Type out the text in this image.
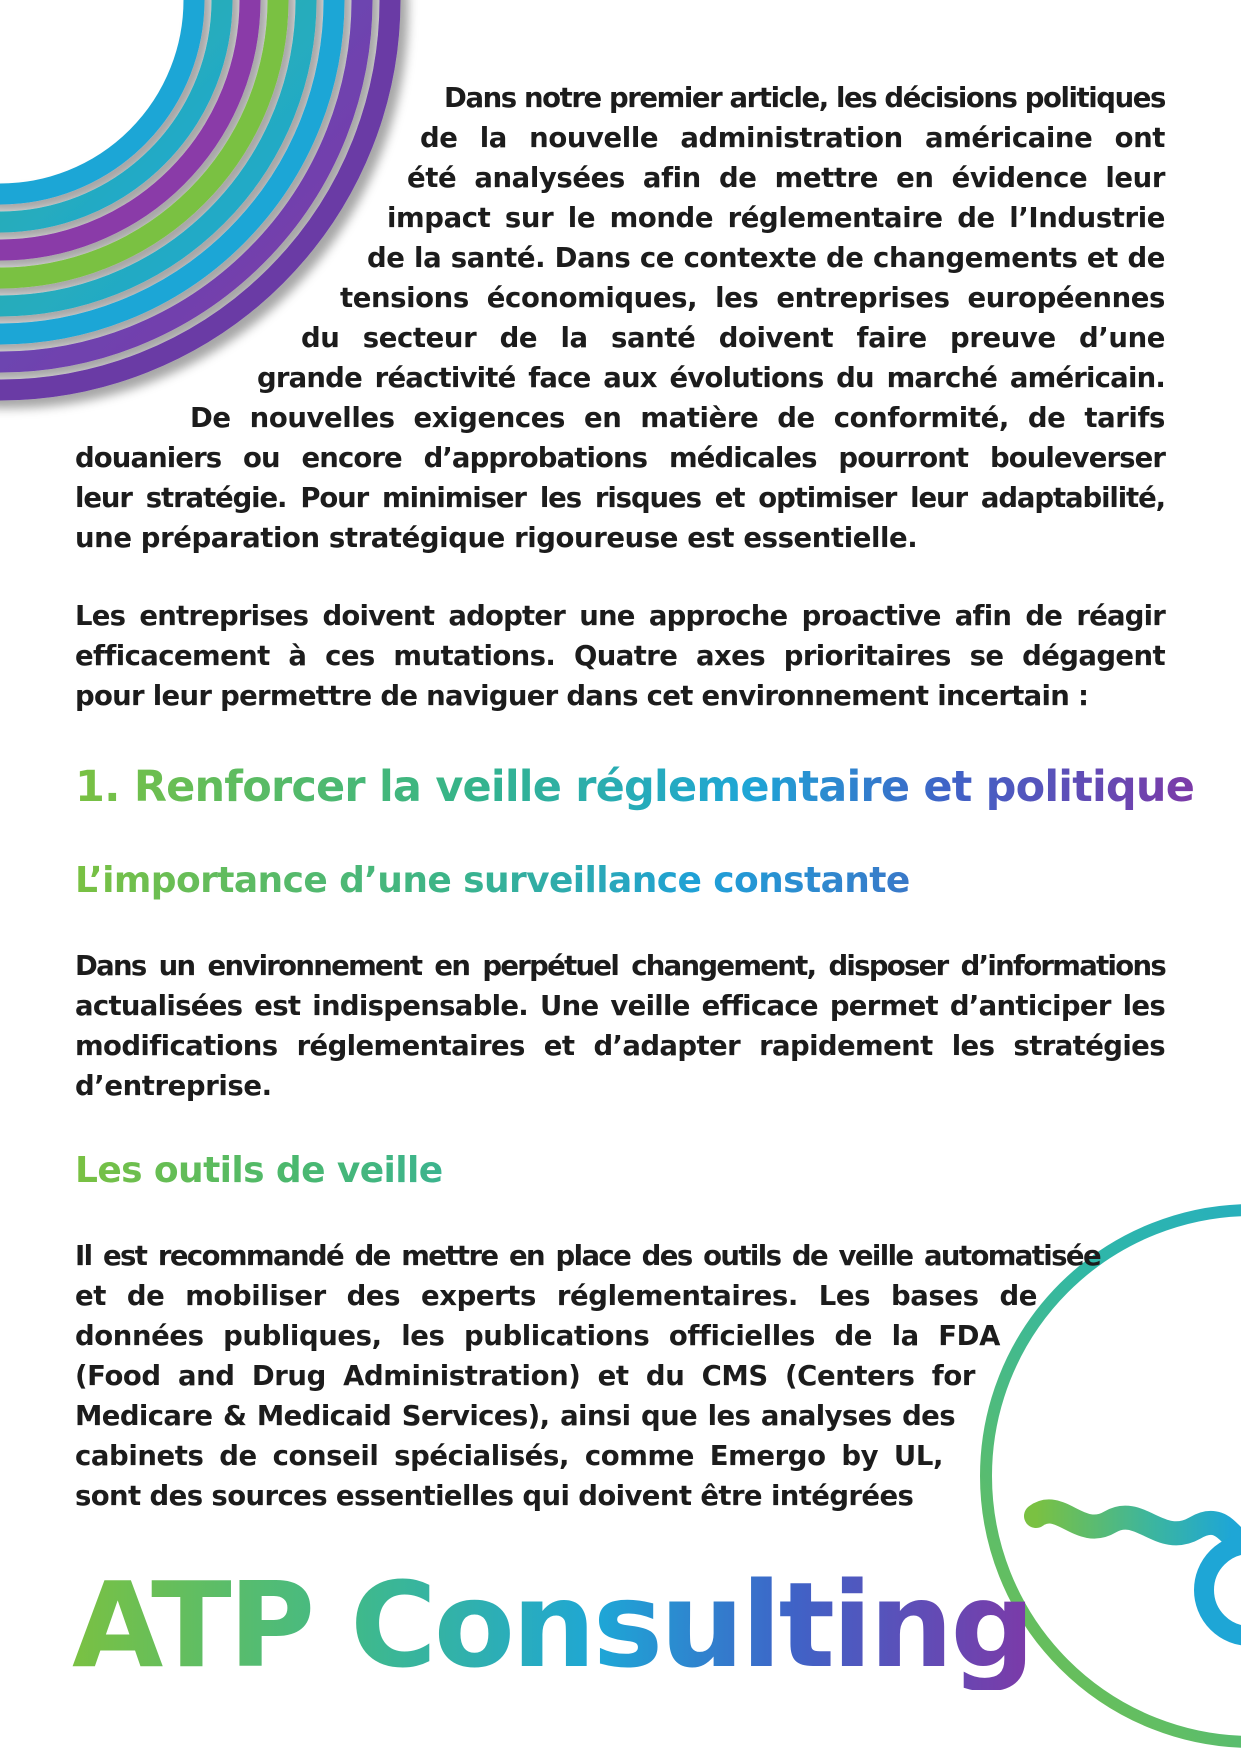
Dans notre premier article, les décisions politiques
de la nouvelle administration américaine ont
été analysées afin de mettre en évidence leur
impact sur le monde réglementaire de l’Industrie
de la santé. Dans ce contexte de changements et de
tensions économiques, les entreprises européennes
du secteur de la santé doivent faire preuve d’une
grande réactivité face aux évolutions du marché américain.
De nouvelles exigences en matière de conformité, de tarifs
douaniers ou encore d’approbations médicales pourront bouleverser
leur stratégie. Pour minimiser les risques et optimiser leur adaptabilité,
une préparation stratégique rigoureuse est essentielle.
Les entreprises doivent adopter une approche proactive afin de réagir
efficacement à ces mutations. Quatre axes prioritaires se dégagent
pour leur permettre de naviguer dans cet environnement incertain :
1. Renforcer la veille réglementaire et politique
L’importance d’une surveillance constante
Dans un environnement en perpétuel changement, disposer d’informations
actualisées est indispensable. Une veille efficace permet d’anticiper les
modifications réglementaires et d’adapter rapidement les stratégies
d’entreprise.
Les outils de veille
Il est recommandé de mettre en place des outils de veille automatisée
et de mobiliser des experts réglementaires. Les bases de
données publiques, les publications officielles de la FDA
(Food and Drug Administration) et du CMS (Centers for
Medicare & Medicaid Services), ainsi que les analyses des
cabinets de conseil spécialisés, comme Emergo by UL,
sont des sources essentielles qui doivent être intégrées
ATP Consulting
